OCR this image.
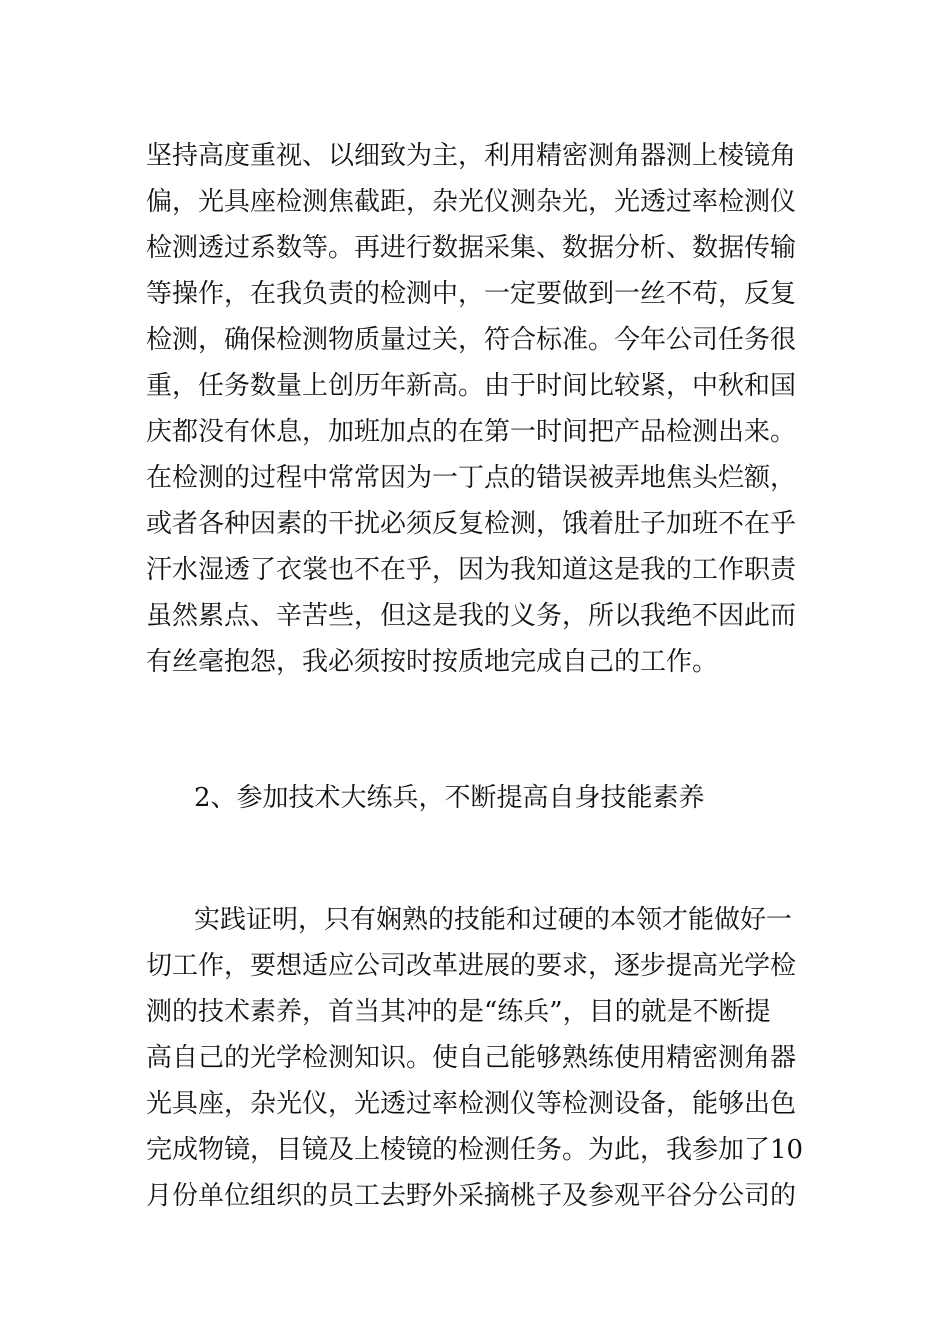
坚持高度重视、以细致为主，利用精密测角器测上棱镜角
偏，光具座检测焦截距，杂光仪测杂光，光透过率检测仪
检测透过系数等。再进行数据采集、数据分析、数据传输
等操作，在我负责的检测中，一定要做到一丝不苟，反复
检测，确保检测物质量过关，符合标准。今年公司任务很
重，任务数量上创历年新高。由于时间比较紧，中秋和国
庆都没有休息，加班加点的在第一时间把产品检测出来。
在检测的过程中常常因为一丁点的错误被弄地焦头烂额，
或者各种因素的干扰必须反复检测，饿着肚子加班不在乎
汗水湿透了衣裳也不在乎，因为我知道这是我的工作职责
虽然累点、辛苦些，但这是我的义务，所以我绝不因此而
有丝毫抱怨，我必须按时按质地完成自己的工作。
2、参加技术大练兵，不断提高自身技能素养
实践证明，只有娴熟的技能和过硬的本领才能做好一
切工作，要想适应公司改革进展的要求，逐步提高光学检
测的技术素养，首当其冲的是“练兵”，目的就是不断提
高自己的光学检测知识。使自己能够熟练使用精密测角器
光具座，杂光仪，光透过率检测仪等检测设备，能够出色
完成物镜，目镜及上棱镜的检测任务。为此，我参加了10
月份单位组织的员工去野外采摘桃子及参观平谷分公司的
